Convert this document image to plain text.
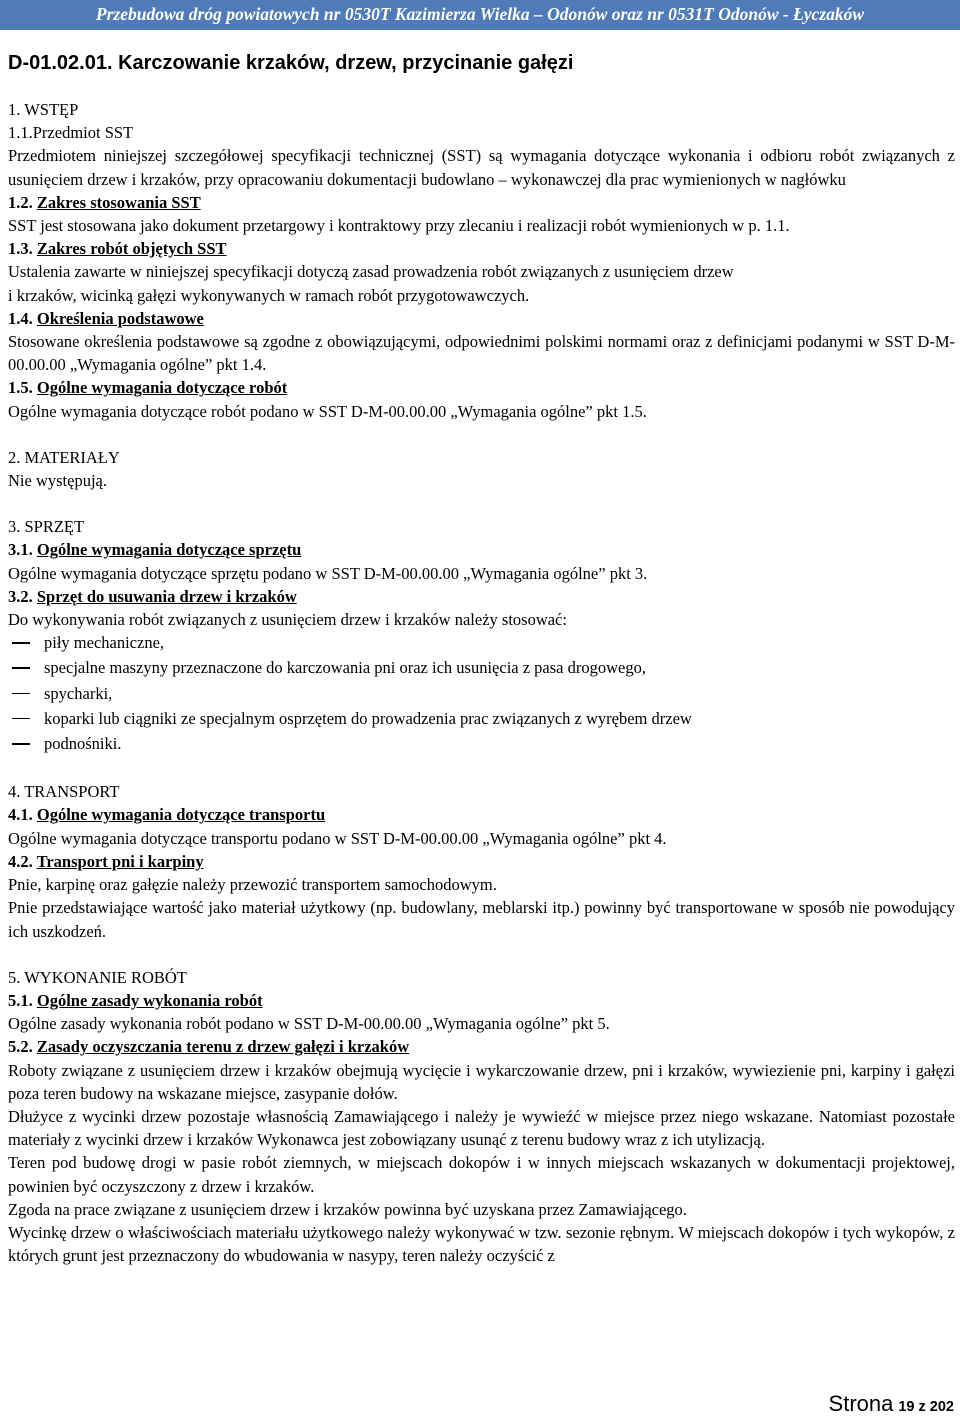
Przebudowa dróg powiatowych nr 0530T Kazimierza Wielka – Odonów oraz nr 0531T Odonów - Łyczaków
D-01.02.01. Karczowanie krzaków, drzew, przycinanie gałęzi

1. WSTĘP

1.1.Przedmiot SST

Przedmiotem niniejszej szczegółowej specyfikacji technicznej (SST) są wymagania dotyczące wykonania i odbioru robót związanych z usunięciem drzew i krzaków, przy opracowaniu dokumentacji budowlano – wykonawczej dla prac wymienionych w nagłówku

1.2. Zakres stosowania SST

SST jest stosowana jako dokument przetargowy i kontraktowy przy zlecaniu i realizacji robót wymienionych w p. 1.1.

1.3. Zakres robót objętych SST

Ustalenia zawarte w niniejszej specyfikacji dotyczą zasad prowadzenia robót związanych z usunięciem drzew

i krzaków, wicinką gałęzi wykonywanych w ramach robót przygotowawczych.

1.4. Określenia podstawowe

Stosowane określenia podstawowe są zgodne z obowiązującymi, odpowiednimi polskimi normami oraz z definicjami podanymi w SST D-M-00.00.00 „Wymagania ogólne” pkt 1.4.

1.5. Ogólne wymagania dotyczące robót

Ogólne wymagania dotyczące robót podano w SST D-M-00.00.00 „Wymagania ogólne” pkt 1.5.

2. MATERIAŁY

Nie występują.

3. SPRZĘT

3.1. Ogólne wymagania dotyczące sprzętu

Ogólne wymagania dotyczące sprzętu podano w SST D-M-00.00.00 „Wymagania ogólne” pkt 3.

3.2. Sprzęt do usuwania drzew i krzaków

Do wykonywania robót związanych z usunięciem drzew i krzaków należy stosować:

piły mechaniczne,
specjalne maszyny przeznaczone do karczowania pni oraz ich usunięcia z pasa drogowego,
spycharki,
koparki lub ciągniki ze specjalnym osprzętem do prowadzenia prac związanych z wyrębem drzew
podnośniki.

4. TRANSPORT

4.1. Ogólne wymagania dotyczące transportu

Ogólne wymagania dotyczące transportu podano w SST D-M-00.00.00 „Wymagania ogólne” pkt 4.

4.2. Transport pni i karpiny

Pnie, karpinę oraz gałęzie należy przewozić transportem samochodowym.

Pnie przedstawiające wartość jako materiał użytkowy (np. budowlany, meblarski itp.) powinny być transportowane w sposób nie powodujący ich uszkodzeń.

5. WYKONANIE ROBÓT

5.1. Ogólne zasady wykonania robót

Ogólne zasady wykonania robót podano w SST D-M-00.00.00 „Wymagania ogólne” pkt 5.

5.2. Zasady oczyszczania terenu z drzew gałęzi i krzaków

Roboty związane z usunięciem drzew i krzaków obejmują wycięcie i wykarczowanie drzew, pni i krzaków, wywiezienie pni, karpiny i gałęzi poza teren budowy na wskazane miejsce, zasypanie dołów.

Dłużyce z wycinki drzew pozostaje własnością Zamawiającego i należy je wywieźć w miejsce przez niego wskazane. Natomiast pozostałe materiały z wycinki drzew i krzaków Wykonawca jest zobowiązany usunąć z terenu budowy wraz z ich utylizacją.

Teren pod budowę drogi w pasie robót ziemnych, w miejscach dokopów i w innych miejscach wskazanych w dokumentacji projektowej, powinien być oczyszczony z drzew i krzaków.

Zgoda na prace związane z usunięciem drzew i krzaków powinna być uzyskana przez Zamawiającego.

Wycinkę drzew o właściwościach materiału użytkowego należy wykonywać w tzw. sezonie rębnym. W miejscach dokopów i tych wykopów, z których grunt jest przeznaczony do wbudowania w nasypy, teren należy oczyścić z

Strona 19 z 202
